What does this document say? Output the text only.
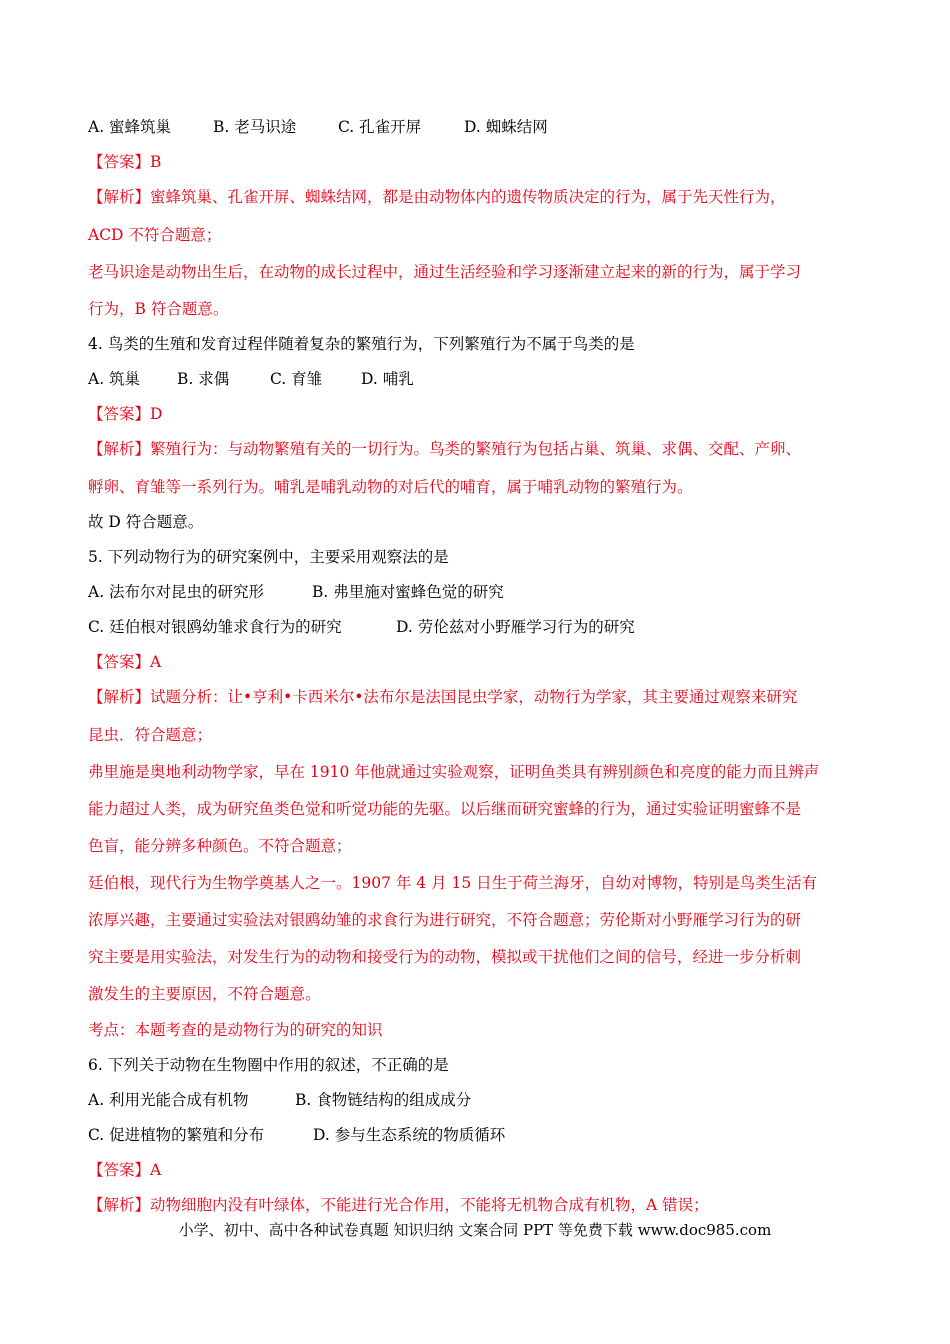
A. 蜜蜂筑巢	B. 老马识途	C. 孔雀开屏	D. 蜘蛛结网
【答案】B
【解析】蜜蜂筑巢、孔雀开屏、蜘蛛结网，都是由动物体内的遗传物质决定的行为，属于先天性行为，
ACD 不符合题意；
老马识途是动物出生后，在动物的成长过程中，通过生活经验和学习逐渐建立起来的新的行为，属于学习
行为，B 符合题意。
4. 鸟类的生殖和发育过程伴随着复杂的繁殖行为，下列繁殖行为不属于鸟类的是
A. 筑巢 B. 求偶	C. 育雏	D. 哺乳
【答案】D
【解析】繁殖行为：与动物繁殖有关的一切行为。鸟类的繁殖行为包括占巢、筑巢、求偶、交配、产卵、
孵卵、育雏等一系列行为。哺乳是哺乳动物的对后代的哺育，属于哺乳动物的繁殖行为。
故 D 符合题意。
5. 下列动物行为的研究案例中，主要采用观察法的是
A. 法布尔对昆虫的研究形	B. 弗里施对蜜蜂色觉的研究
C. 廷伯根对银鸥幼雏求食行为的研究	D. 劳伦兹对小野雁学习行为的研究
【答案】A
【解析】试题分析：让•亨利•卡西米尔•法布尔是法国昆虫学家，动物行为学家，其主要通过观察来研究
昆虫．符合题意；
弗里施是奥地利动物学家，早在 1910 年他就通过实验观察，证明鱼类具有辨别颜色和亮度的能力而且辨声
能力超过人类，成为研究鱼类色觉和听觉功能的先驱。以后继而研究蜜蜂的行为，通过实验证明蜜蜂不是
色盲，能分辨多种颜色。不符合题意；
廷伯根，现代行为生物学奠基人之一。1907 年 4 月 15 日生于荷兰海牙，自幼对博物，特别是鸟类生活有
浓厚兴趣，主要通过实验法对银鸥幼雏的求食行为进行研究，不符合题意；劳伦斯对小野雁学习行为的研
究主要是用实验法，对发生行为的动物和接受行为的动物，模拟或干扰他们之间的信号，经进一步分析刺
激发生的主要原因，不符合题意。
考点：本题考查的是动物行为的研究的知识
6. 下列关于动物在生物圈中作用的叙述，不正确的是
A. 利用光能合成有机物	B. 食物链结构的组成成分
C. 促进植物的繁殖和分布	D. 参与生态系统的物质循环
【答案】A
【解析】动物细胞内没有叶绿体，不能进行光合作用，不能将无机物合成有机物，A 错误；
小学、初中、高中各种试卷真题 知识归纳 文案合同 PPT 等免费下载 www.doc985.com
